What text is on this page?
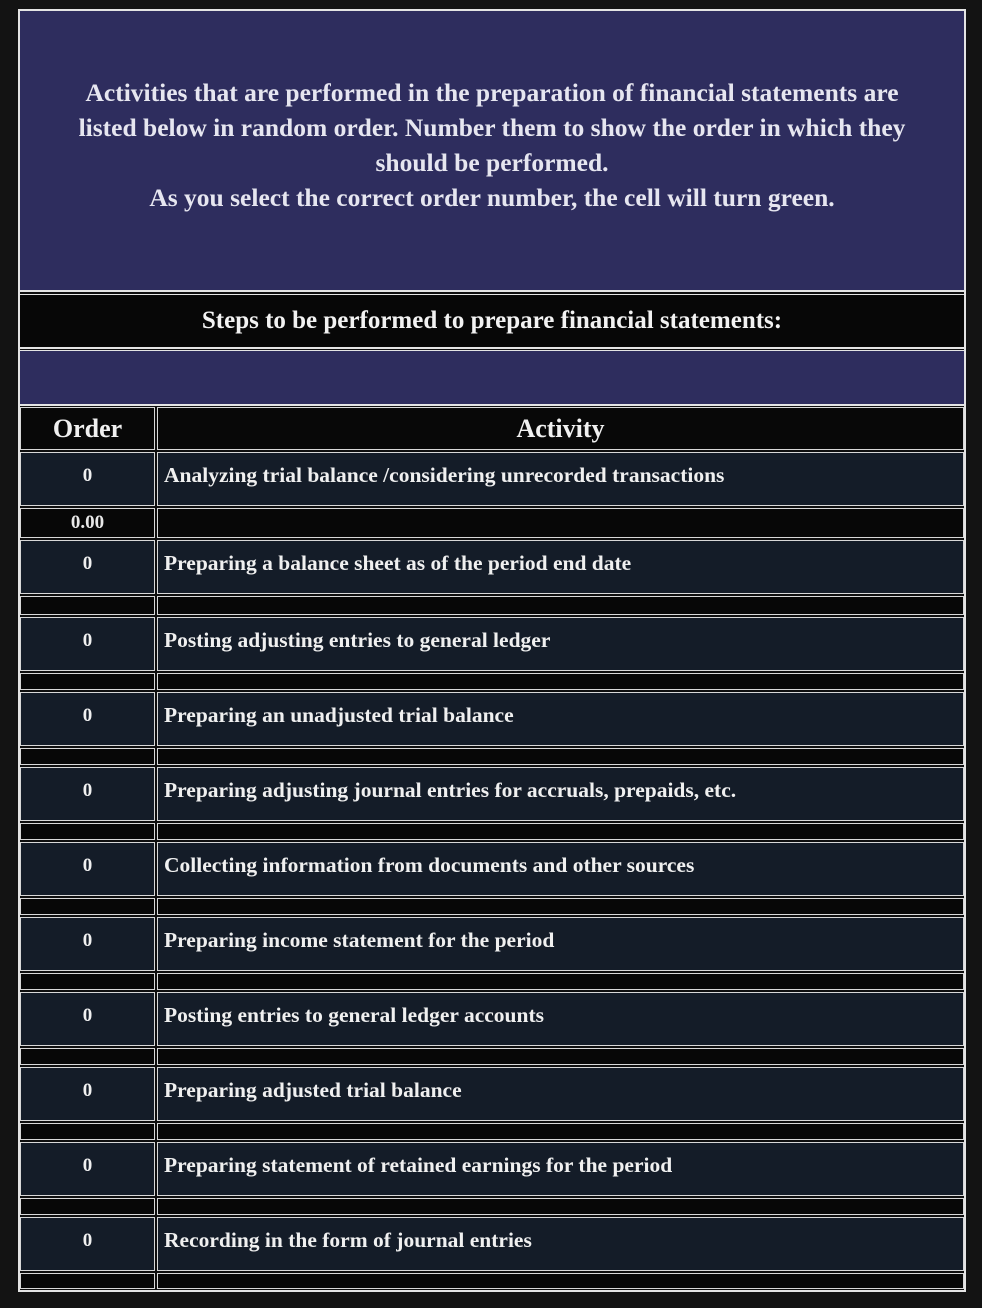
Activities that are performed in the preparation of financial statements are
listed below in random order. Number them to show the order in which they
should be performed.
As you select the correct order number, the cell will turn green.
Steps to be performed to prepare financial statements:
Order	Activity
0	Analyzing trial balance /considering unrecorded transactions
0.00
0	Preparing a balance sheet as of the period end date
0	Posting adjusting entries to general ledger
0	Preparing an unadjusted trial balance
0	Preparing adjusting journal entries for accruals, prepaids, etc.
0	Collecting information from documents and other sources
0	Preparing income statement for the period
0	Posting entries to general ledger accounts
0	Preparing adjusted trial balance
0	Preparing statement of retained earnings for the period
0	Recording in the form of journal entries
